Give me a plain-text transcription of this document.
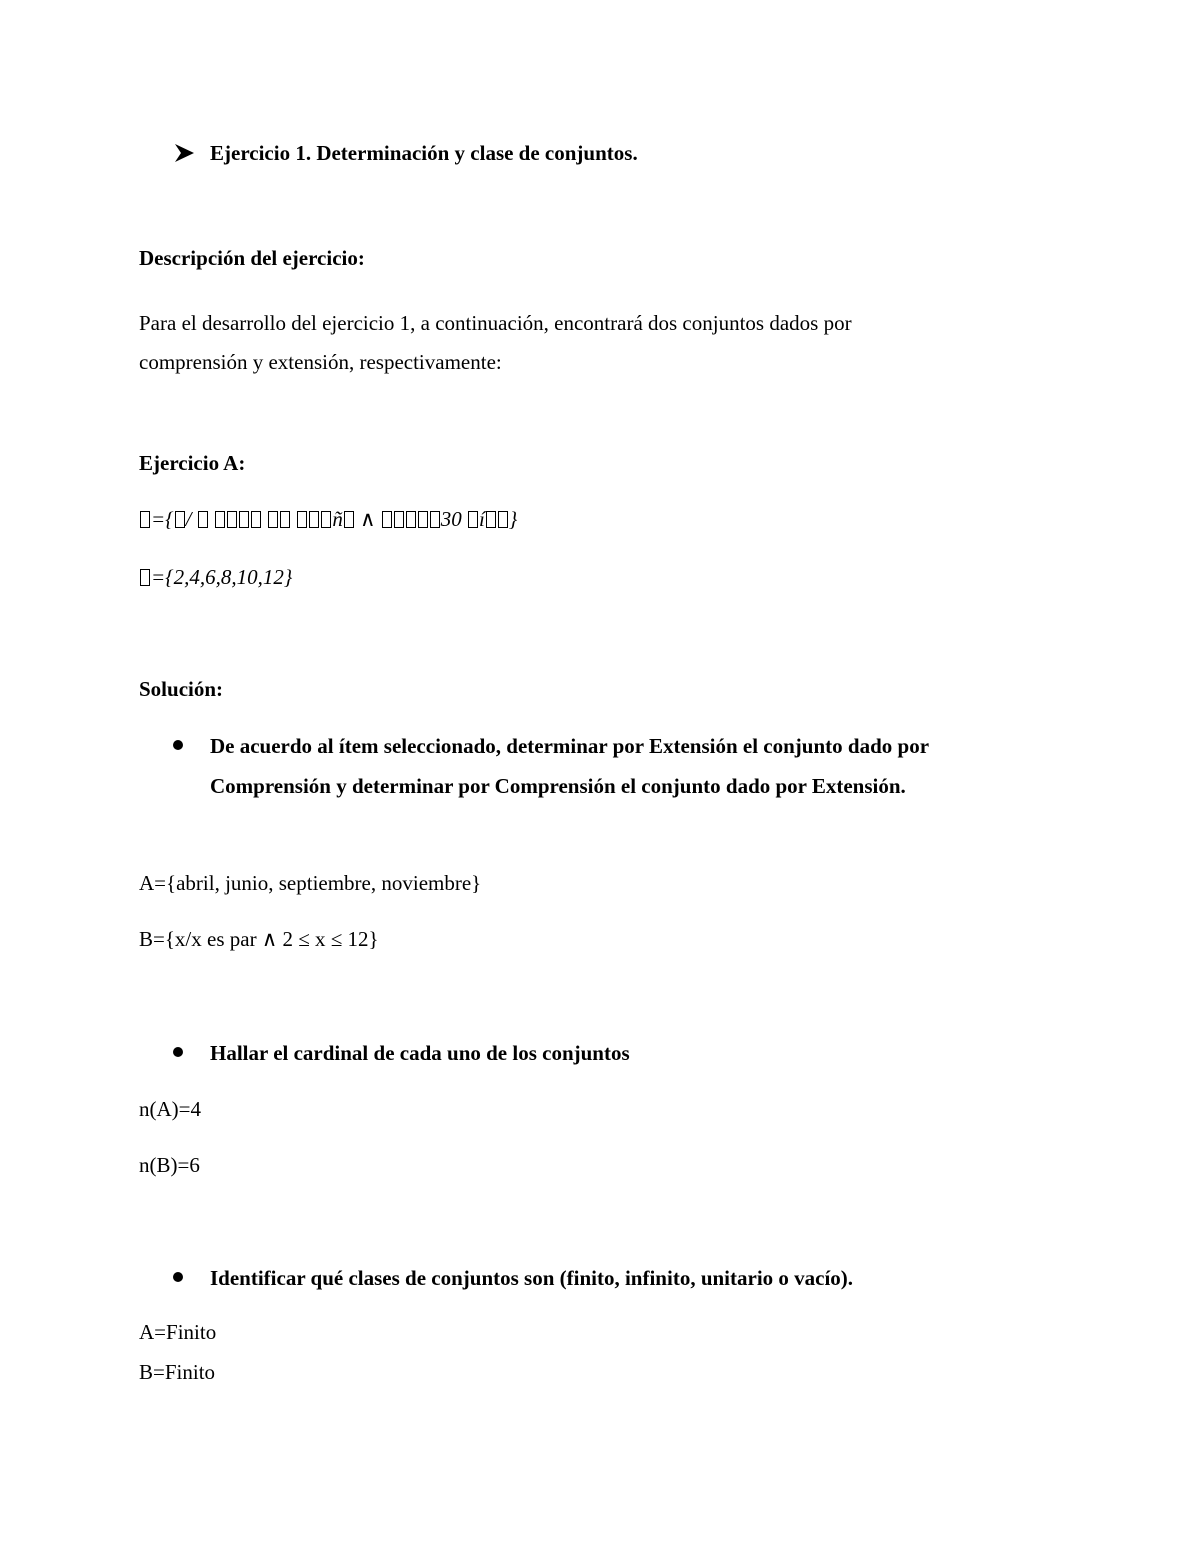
Ejercicio 1. Determinación y clase de conjuntos.
Descripción del ejercicio:
Para el desarrollo del ejercicio 1, a continuación, encontrará dos conjuntos dados por
comprensión y extensión, respectivamente:
Ejercicio A:
={ /	ñ ∧	30 í }
={2,4,6,8,10,12}
Solución:
De acuerdo al ítem seleccionado, determinar por Extensión el conjunto dado por
Comprensión y determinar por Comprensión el conjunto dado por Extensión.
A={abril, junio, septiembre, noviembre}
B={x/x es par ∧ 2 ≤ x ≤ 12}
Hallar el cardinal de cada uno de los conjuntos
n(A)=4
n(B)=6
Identificar qué clases de conjuntos son (finito, infinito, unitario o vacío).
A=Finito
B=Finito
